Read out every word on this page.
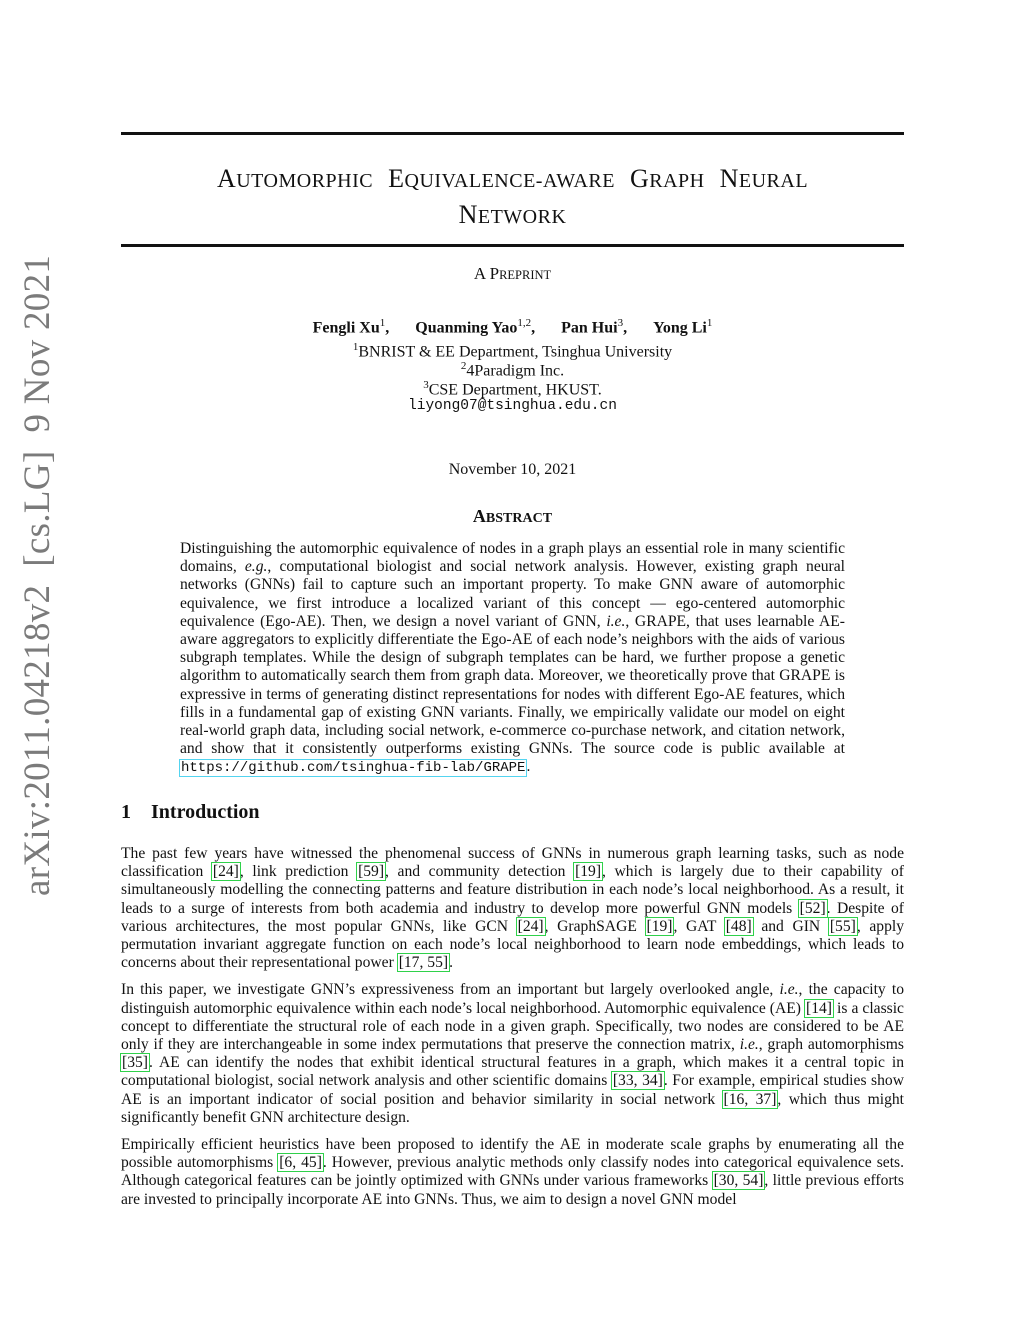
arXiv:2011.04218v2[cs.LG]9 Nov 2021
AUTOMORPHIC EQUIVALENCE-AWARE GRAPH NEURAL
NETWORK
A PREPRINT
Fengli Xu$^1$, Quanming Yao$^{1,2}$, Pan Hui$^3$, Yong Li$^1$
$^1$BNRIST & EE Department, Tsinghua University
$^2$4Paradigm Inc.
$^3$CSE Department, HKUST.
liyong07@tsinghua.edu.cn
November 10, 2021
ABSTRACT
Distinguishing the automorphic equivalence of nodes in a graph plays an essential role in many scientific domains, e.g., computational biologist and social network analysis. However, existing graph neural networks (GNNs) fail to capture such an important property. To make GNN aware of automorphic equivalence, we first introduce a localized variant of this concept — ego-centered automorphic equivalence (Ego-AE). Then, we design a novel variant of GNN, i.e., GRAPE, that uses learnable AE-aware aggregators to explicitly differentiate the Ego-AE of each node’s neighbors with the aids of various subgraph templates. While the design of subgraph templates can be hard, we further propose a genetic algorithm to automatically search them from graph data. Moreover, we theoretically prove that GRAPE is expressive in terms of generating distinct representations for nodes with different Ego-AE features, which fills in a fundamental gap of existing GNN variants. Finally, we empirically validate our model on eight real-world graph data, including social network, e-commerce co-purchase network, and citation network, and show that it consistently outperforms existing GNNs. The source code is public available at https://github.com/tsinghua-fib-lab/GRAPE.
1 Introduction

The past few years have witnessed the phenomenal success of GNNs in numerous graph learning tasks, such as node classification [24], link prediction [59], and community detection [19], which is largely due to their capability of simultaneously modelling the connecting patterns and feature distribution in each node’s local neighborhood. As a result, it leads to a surge of interests from both academia and industry to develop more powerful GNN models [52]. Despite of various architectures, the most popular GNNs, like GCN [24], GraphSAGE [19], GAT [48] and GIN [55], apply permutation invariant aggregate function on each node’s local neighborhood to learn node embeddings, which leads to concerns about their representational power [17, 55].

In this paper, we investigate GNN’s expressiveness from an important but largely overlooked angle, i.e., the capacity to distinguish automorphic equivalence within each node’s local neighborhood. Automorphic equivalence (AE) [14] is a classic concept to differentiate the structural role of each node in a given graph. Specifically, two nodes are considered to be AE only if they are interchangeable in some index permutations that preserve the connection matrix, i.e., graph automorphisms [35]. AE can identify the nodes that exhibit identical structural features in a graph, which makes it a central topic in computational biologist, social network analysis and other scientific domains [33, 34]. For example, empirical studies show AE is an important indicator of social position and behavior similarity in social network [16, 37], which thus might significantly benefit GNN architecture design.

Empirically efficient heuristics have been proposed to identify the AE in moderate scale graphs by enumerating all the possible automorphisms [6, 45]. However, previous analytic methods only classify nodes into categorical equivalence sets. Although categorical features can be jointly optimized with GNNs under various frameworks [30, 54], little previous efforts are invested to principally incorporate AE into GNNs. Thus, we aim to design a novel GNN model
